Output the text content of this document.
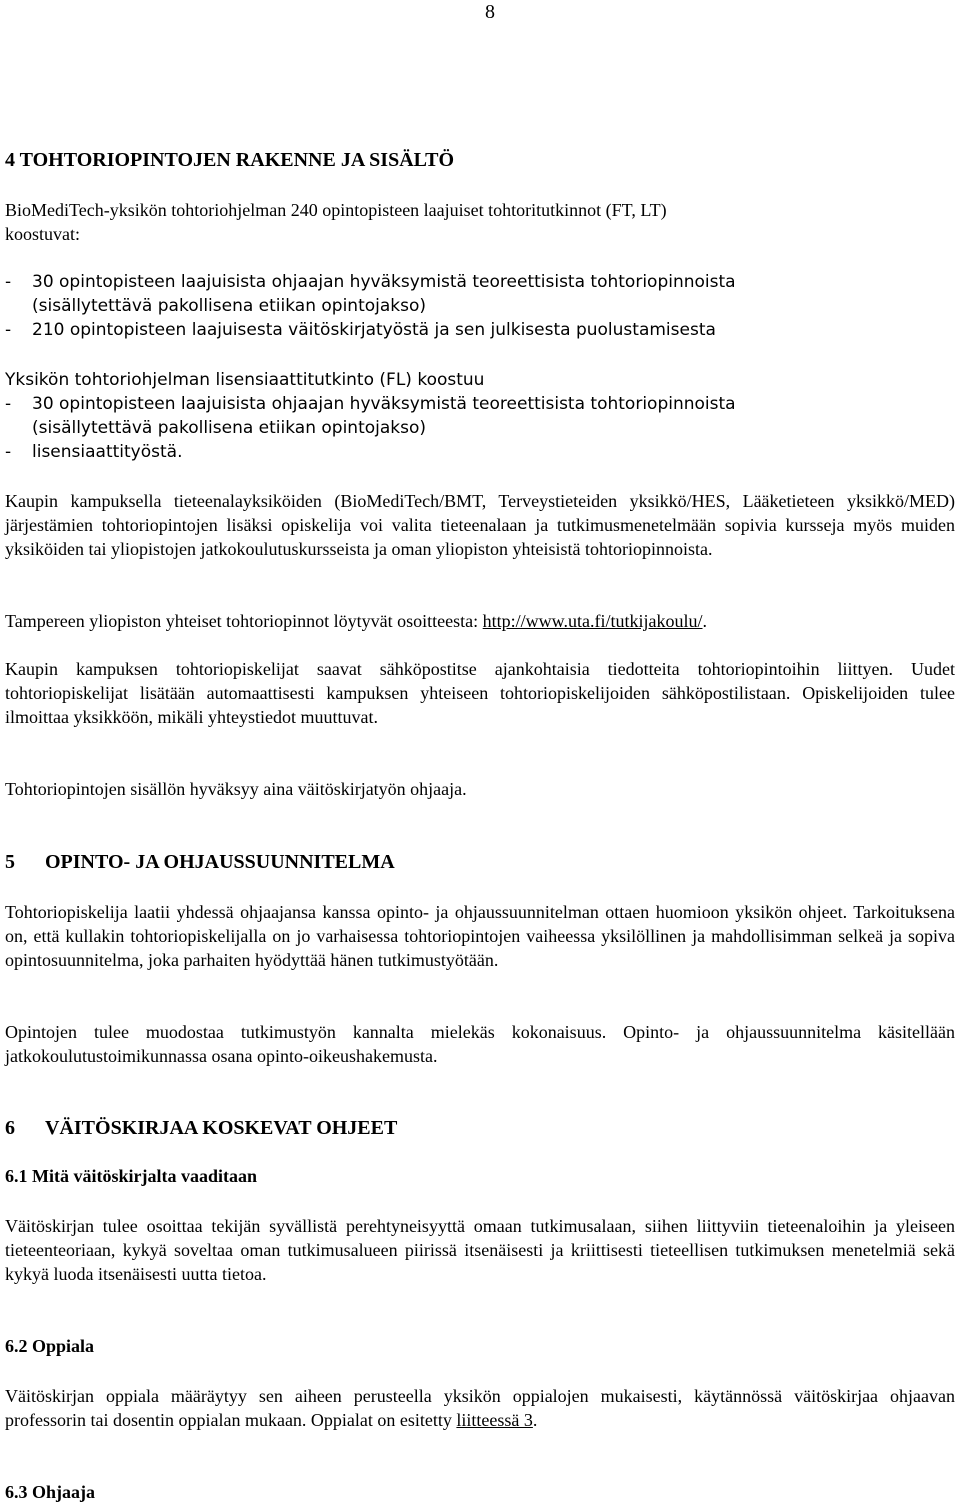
8
4 TOHTORIOPINTOJEN RAKENNE JA SISÄLTÖ
BioMediTech-yksikön tohtoriohjelman 240 opintopisteen laajuiset tohtoritutkinnot (FT, LT)
koostuvat:
-	30 opintopisteen laajuisista ohjaajan hyväksymistä teoreettisista tohtoriopinnoista
(sisällytettävä pakollisena etiikan opintojakso)
-	210 opintopisteen laajuisesta väitöskirjatyöstä ja sen julkisesta puolustamisesta
Yksikön tohtoriohjelman lisensiaattitutkinto (FL) koostuu
-	30 opintopisteen laajuisista ohjaajan hyväksymistä teoreettisista tohtoriopinnoista
(sisällytettävä pakollisena etiikan opintojakso)
-	lisensiaattityöstä.

Kaupin kampuksella tieteenalayksiköiden (BioMediTech/BMT, Terveystieteiden yksikkö/HES, Lääketieteen yksikkö/MED) järjestämien tohtoriopintojen lisäksi opiskelija voi valita tieteenalaan ja tutkimusmenetelmään sopivia kursseja myös muiden yksiköiden tai yliopistojen jatkokoulutuskursseista ja oman yliopiston yhteisistä tohtoriopinnoista.

Tampereen yliopiston yhteiset tohtoriopinnot löytyvät osoitteesta: http://www.uta.fi/tutkijakoulu/.

Kaupin kampuksen tohtoriopiskelijat saavat sähköpostitse ajankohtaisia tiedotteita tohtoriopintoihin liittyen. Uudet tohtoriopiskelijat lisätään automaattisesti kampuksen yhteiseen tohtoriopiskelijoiden sähköpostilistaan. Opiskelijoiden tulee ilmoittaa yksikköön, mikäli yhteystiedot muuttuvat.

Tohtoriopintojen sisällön hyväksyy aina väitöskirjatyön ohjaaja.

5 OPINTO- JA OHJAUSSUUNNITELMA

Tohtoriopiskelija laatii yhdessä ohjaajansa kanssa opinto- ja ohjaussuunnitelman ottaen huomioon yksikön ohjeet. Tarkoituksena on, että kullakin tohtoriopiskelijalla on jo varhaisessa tohtoriopintojen vaiheessa yksilöllinen ja mahdollisimman selkeä ja sopiva opintosuunnitelma, joka parhaiten hyödyttää hänen tutkimustyötään.

Opintojen tulee muodostaa tutkimustyön kannalta mielekäs kokonaisuus. Opinto- ja ohjaussuunnitelma käsitellään jatkokoulutustoimikunnassa osana opinto-oikeushakemusta.

6 VÄITÖSKIRJAA KOSKEVAT OHJEET
6.1 Mitä väitöskirjalta vaaditaan

Väitöskirjan tulee osoittaa tekijän syvällistä perehtyneisyyttä omaan tutkimusalaan, siihen liittyviin tieteenaloihin ja yleiseen tieteenteoriaan, kykyä soveltaa oman tutkimusalueen piirissä itsenäisesti ja kriittisesti tieteellisen tutkimuksen menetelmiä sekä kykyä luoda itsenäisesti uutta tietoa.

6.2 Oppiala

Väitöskirjan oppiala määräytyy sen aiheen perusteella yksikön oppialojen mukaisesti, käytännössä väitöskirjaa ohjaavan professorin tai dosentin oppialan mukaan. Oppialat on esitetty liitteessä 3.

6.3 Ohjaaja
